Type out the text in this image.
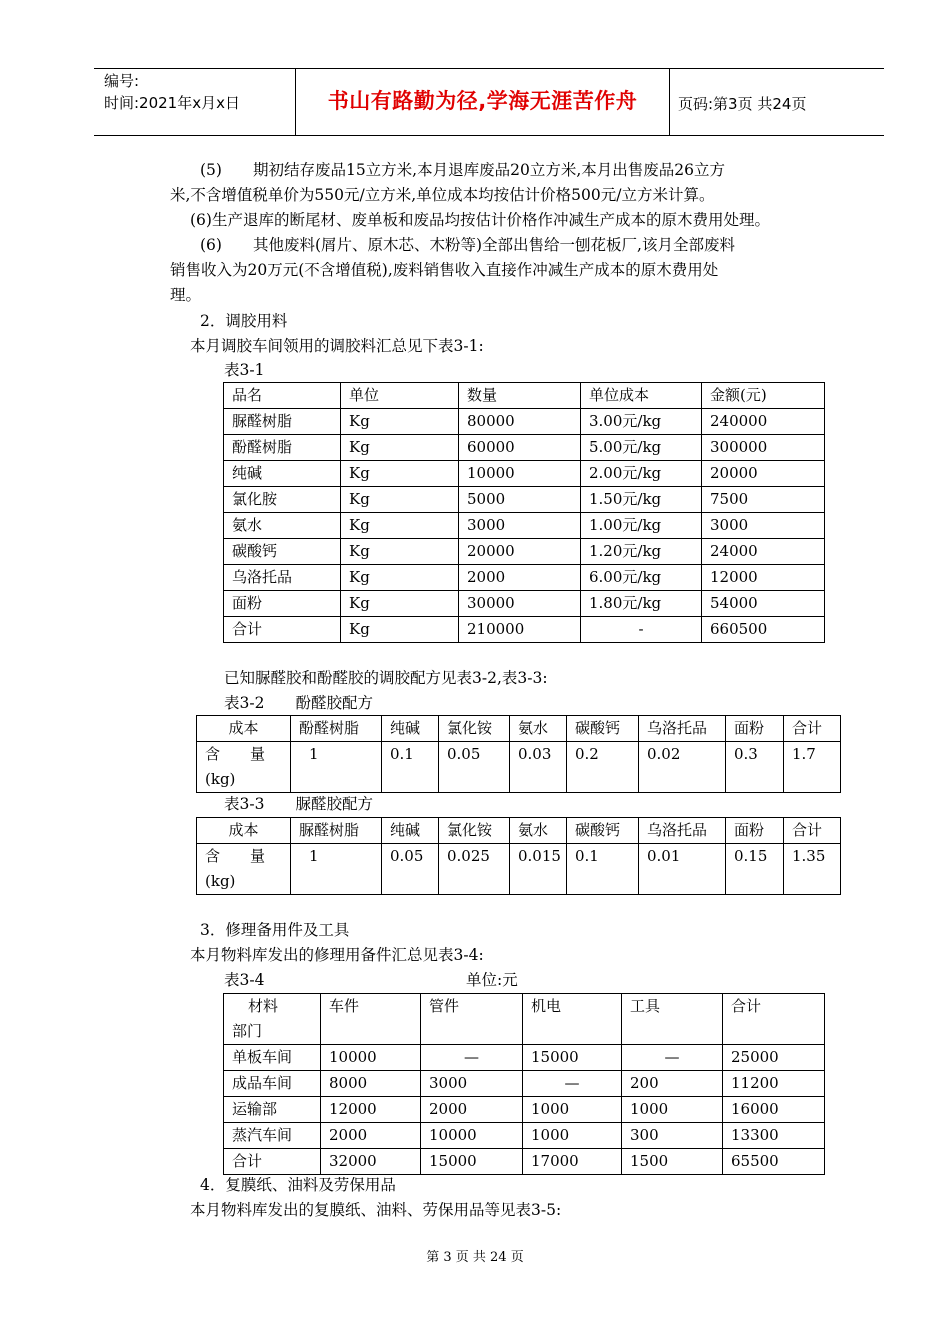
编号:
时间:2021年x月x日	书山有路勤为径,学海无涯苦作舟	页码:第3页 共24页
(5)　　期初结存废品15立方米,本月退库废品20立方米,本月出售废品26立方
米,不含增值税单价为550元/立方米,单位成本均按估计价格500元/立方米计算。
(6)生产退库的断尾材、废单板和废品均按估计价格作冲减生产成本的原木费用处理。
(6)　　其他废料(屑片、原木芯、木粉等)全部出售给一刨花板厂,该月全部废料
销售收入为20万元(不含增值税),废料销售收入直接作冲减生产成本的原木费用处
理。
2．调胶用料
本月调胶车间领用的调胶料汇总见下表3-1:
表3-1
品名	单位	数量	单位成本	金额(元)
脲醛树脂	Kg	80000	3.00元/kg	240000
酚醛树脂	Kg	60000	5.00元/kg	300000
纯碱	Kg	10000	2.00元/kg	20000
氯化胺	Kg	5000	1.50元/kg	7500
氨水	Kg	3000	1.00元/kg	3000
碳酸钙	Kg	20000	1.20元/kg	24000
乌洛托品	Kg	2000	6.00元/kg	12000
面粉	Kg	30000	1.80元/kg	54000
合计	Kg	210000	-	660500
已知脲醛胶和酚醛胶的调胶配方见表3-2,表3-3:
表3-2　　酚醛胶配方
成本	酚醛树脂	纯碱	氯化铵	氨水	碳酸钙	乌洛托品	面粉	合计

含　　量
(kg)	1	0.1	0.05	0.03	0.2	0.02	0.3	1.7
表3-3　　脲醛胶配方
成本	脲醛树脂	纯碱	氯化铵	氨水	碳酸钙	乌洛托品	面粉	合计

含　　量
(kg)	1	0.05	0.025	0.015	0.1	0.01	0.15	1.35
3．修理备用件及工具
本月物料库发出的修理用备件汇总见表3-4:
表3-4	单位:元
材料
部门	车件	管件	机电	工具	合计
单板车间	10000	—	15000	—	25000
成品车间	8000	3000	—	200	11200
运输部	12000	2000	1000	1000	16000
蒸汽车间	2000	10000	1000	300	13300
合计	32000	15000	17000	1500	65500
4．复膜纸、油料及劳保用品
本月物料库发出的复膜纸、油料、劳保用品等见表3-5:
第 3 页 共 24 页
